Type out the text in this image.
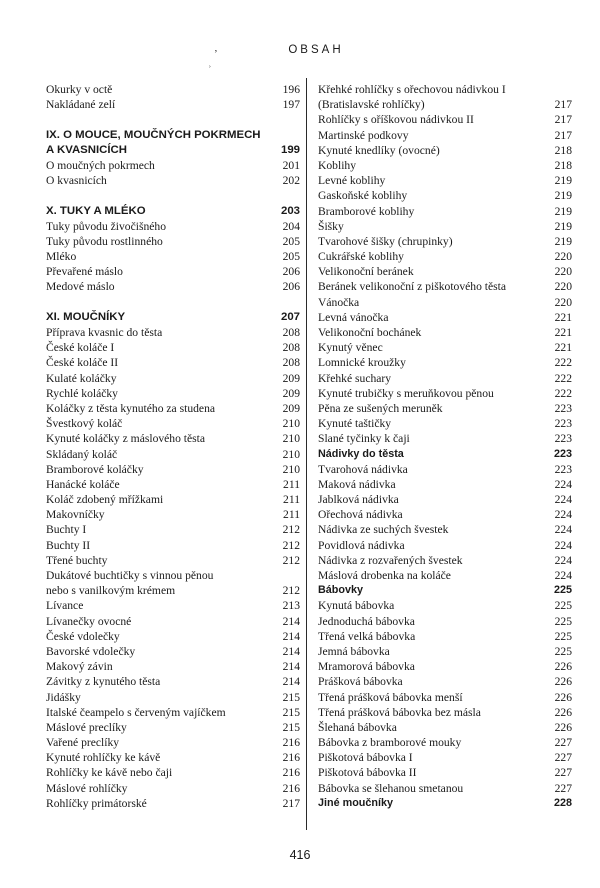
OBSAH
ʼ
ʾ
Okurky v octě	196
Nakládané zelí	197
IX. O MOUCE, MOUČNÝCH POKRMECH
A KVASNICÍCH	199
O moučných pokrmech	201
O kvasnicích	202
X. TUKY A MLÉKO	203
Tuky původu živočišného	204
Tuky původu rostlinného	205
Mléko	205
Převařené máslo	206
Medové máslo	206
XI. MOUČNÍKY	207
Příprava kvasnic do těsta	208
České koláče I	208
České koláče II	208
Kulaté koláčky	209
Rychlé koláčky	209
Koláčky z těsta kynutého za studena	209
Švestkový koláč	210
Kynuté koláčky z máslového těsta	210
Skládaný koláč	210
Bramborové koláčky	210
Hanácké koláče	211
Koláč zdobený mřížkami	211
Makovníčky	211
Buchty I	212
Buchty II	212
Třené buchty	212
Dukátové buchtičky s vinnou pěnou
nebo s vanilkovým krémem	212
Lívance	213
Lívanečky ovocné	214
České vdolečky	214
Bavorské vdolečky	214
Makový závin	214
Závitky z kynutého těsta	214
Jidášky	215
Italské čeampelo s červeným vajíčkem	215
Máslové preclíky	215
Vařené preclíky	216
Kynuté rohlíčky ke kávě	216
Rohlíčky ke kávě nebo čaji	216
Máslové rohlíčky	216
Rohlíčky primátorské	217
Křehké rohlíčky s ořechovou nádivkou I
(Bratislavské rohlíčky)	217
Rohlíčky s oříškovou nádivkou II	217
Martinské podkovy	217
Kynuté knedlíky (ovocné)	218
Koblihy	218
Levné koblihy	219
Gaskoňské koblihy	219
Bramborové koblihy	219
Šišky	219
Tvarohové šišky (chrupinky)	219
Cukrářské koblihy	220
Velikonoční beránek	220
Beránek velikonoční z piškotového těsta	220
Vánočka	220
Levná vánočka	221
Velikonoční bochánek	221
Kynutý věnec	221
Lomnické kroužky	222
Křehké suchary	222
Kynuté trubičky s meruňkovou pěnou	222
Pěna ze sušených meruněk	223
Kynuté taštičky	223
Slané tyčinky k čaji	223
Nádivky do těsta	223
Tvarohová nádivka	223
Maková nádivka	224
Jablková nádivka	224
Ořechová nádivka	224
Nádivka ze suchých švestek	224
Povidlová nádivka	224
Nádivka z rozvařených švestek	224
Máslová drobenka na koláče	224
Bábovky	225
Kynutá bábovka	225
Jednoduchá bábovka	225
Třená velká bábovka	225
Jemná bábovka	225
Mramorová bábovka	226
Prášková bábovka	226
Třená prášková bábovka menší	226
Třená prášková bábovka bez másla	226
Šlehaná bábovka	226
Bábovka z bramborové mouky	227
Piškotová bábovka I	227
Piškotová bábovka II	227
Bábovka se šlehanou smetanou	227
Jiné moučníky	228
416
